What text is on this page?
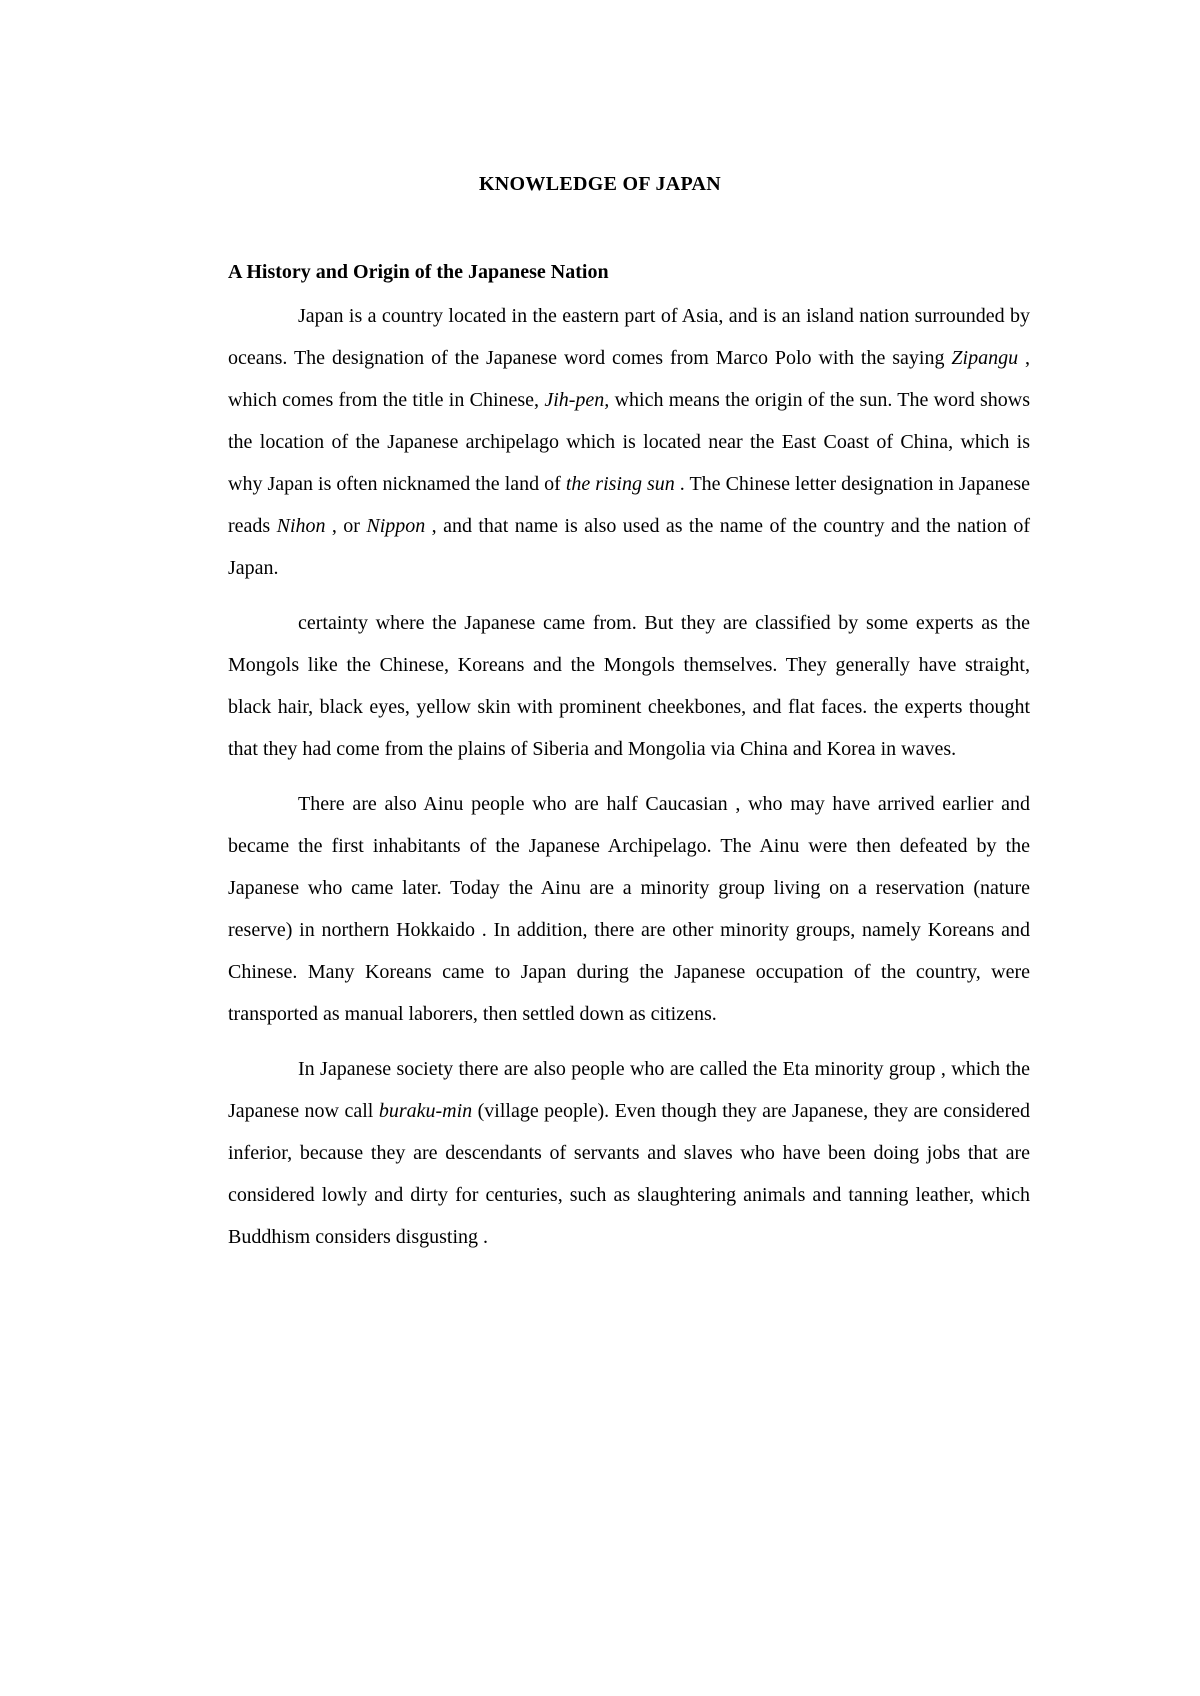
KNOWLEDGE OF JAPAN
A History and Origin of the Japanese Nation

Japan is a country located in the eastern part of Asia, and is an island nation surrounded by oceans. The designation of the Japanese word comes from Marco Polo with the saying Zipangu , which comes from the title in Chinese, Jih-pen, which means the origin of the sun. The word shows the location of the Japanese archipelago which is located near the East Coast of China, which is why Japan is often nicknamed the land of the rising sun . The Chinese letter designation in Japanese reads Nihon , or Nippon , and that name is also used as the name of the country and the nation of Japan.

certainty where the Japanese came from. But they are classified by some experts as the Mongols like the Chinese, Koreans and the Mongols themselves. They generally have straight, black hair, black eyes, yellow skin with prominent cheekbones, and flat faces. the experts thought that they had come from the plains of Siberia and Mongolia via China and Korea in waves.

There are also Ainu people who are half Caucasian , who may have arrived earlier and became the first inhabitants of the Japanese Archipelago. The Ainu were then defeated by the Japanese who came later. Today the Ainu are a minority group living on a reservation (nature reserve) in northern Hokkaido . In addition, there are other minority groups, namely Koreans and Chinese. Many Koreans came to Japan during the Japanese occupation of the country, were transported as manual laborers, then settled down as citizens.

In Japanese society there are also people who are called the Eta minority group , which the Japanese now call buraku-min (village people). Even though they are Japanese, they are considered inferior, because they are descendants of servants and slaves who have been doing jobs that are considered lowly and dirty for centuries, such as slaughtering animals and tanning leather, which Buddhism considers disgusting .
